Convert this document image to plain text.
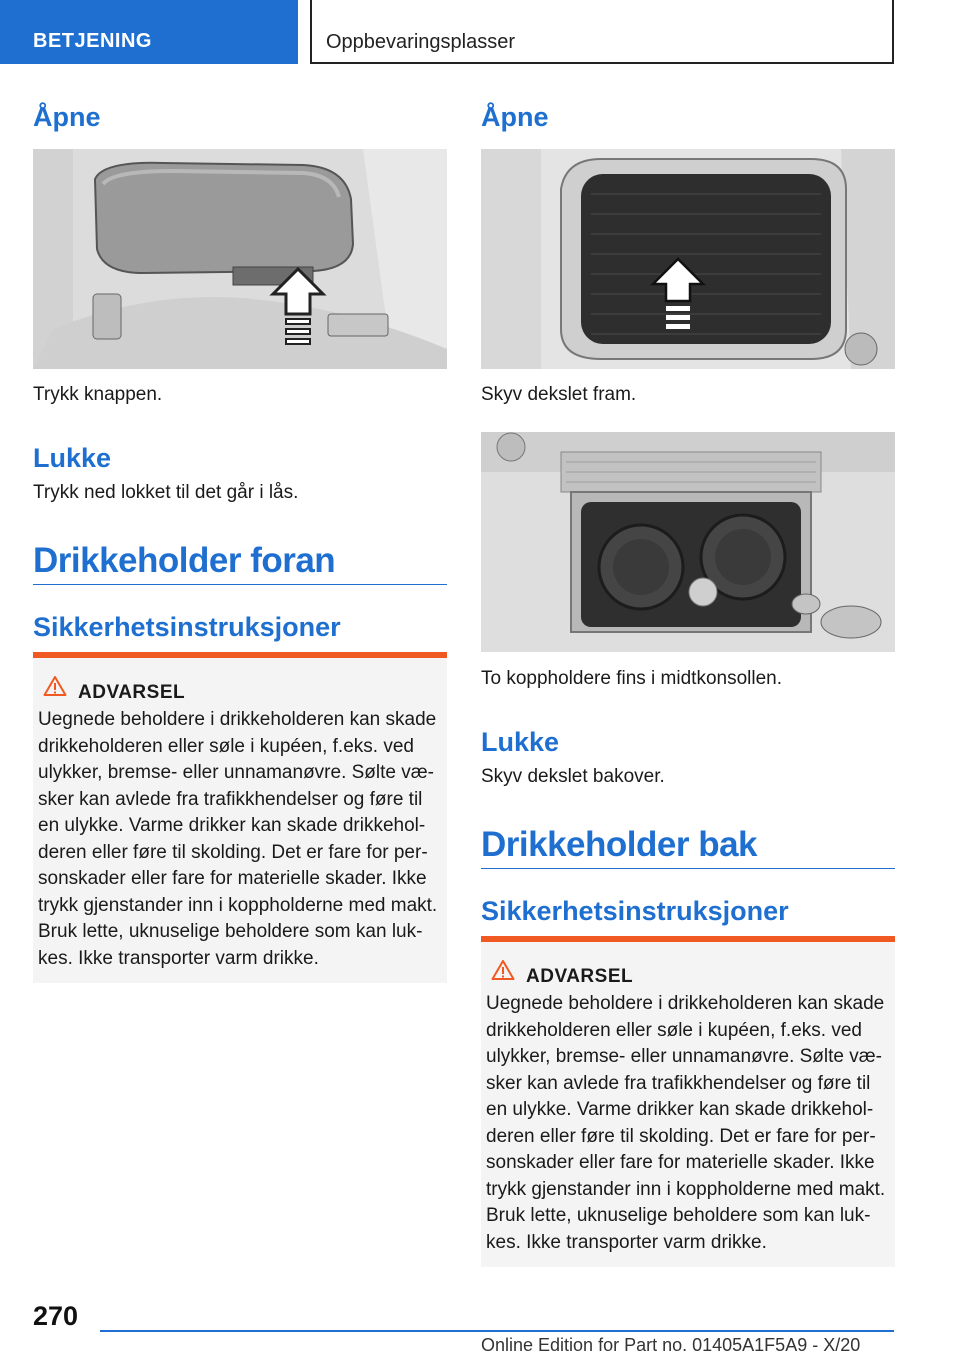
BETJENING	Oppbevaringsplasser
Åpne
Trykk knappen.
Lukke
Trykk ned lokket til det går i lås.
Drikkeholder foran
Sikkerhetsinstruksjoner
ADVARSEL
Uegnede beholdere i drikkeholderen kan skade drikkeholderen eller søle i kupéen, f.eks. ved ulykker, bremse- eller unnamanøvre. Sølte væ-sker kan avlede fra trafikkhendelser og føre til en ulykke. Varme drikker kan skade drikkehol-deren eller føre til skolding. Det er fare for per-sonskader eller fare for materielle skader. Ikke trykk gjenstander inn i koppholderne med makt. Bruk lette, uknuselige beholdere som kan luk-kes. Ikke transporter varm drikke.
Åpne
Skyv dekslet fram.
To koppholdere fins i midtkonsollen.
Lukke
Skyv dekslet bakover.
Drikkeholder bak
Sikkerhetsinstruksjoner
ADVARSEL
Uegnede beholdere i drikkeholderen kan skade drikkeholderen eller søle i kupéen, f.eks. ved ulykker, bremse- eller unnamanøvre. Sølte væ-sker kan avlede fra trafikkhendelser og føre til en ulykke. Varme drikker kan skade drikkehol-deren eller føre til skolding. Det er fare for per-sonskader eller fare for materielle skader. Ikke trykk gjenstander inn i koppholderne med makt. Bruk lette, uknuselige beholdere som kan luk-kes. Ikke transporter varm drikke.
270
Online Edition for Part no. 01405A1F5A9 - X/20
